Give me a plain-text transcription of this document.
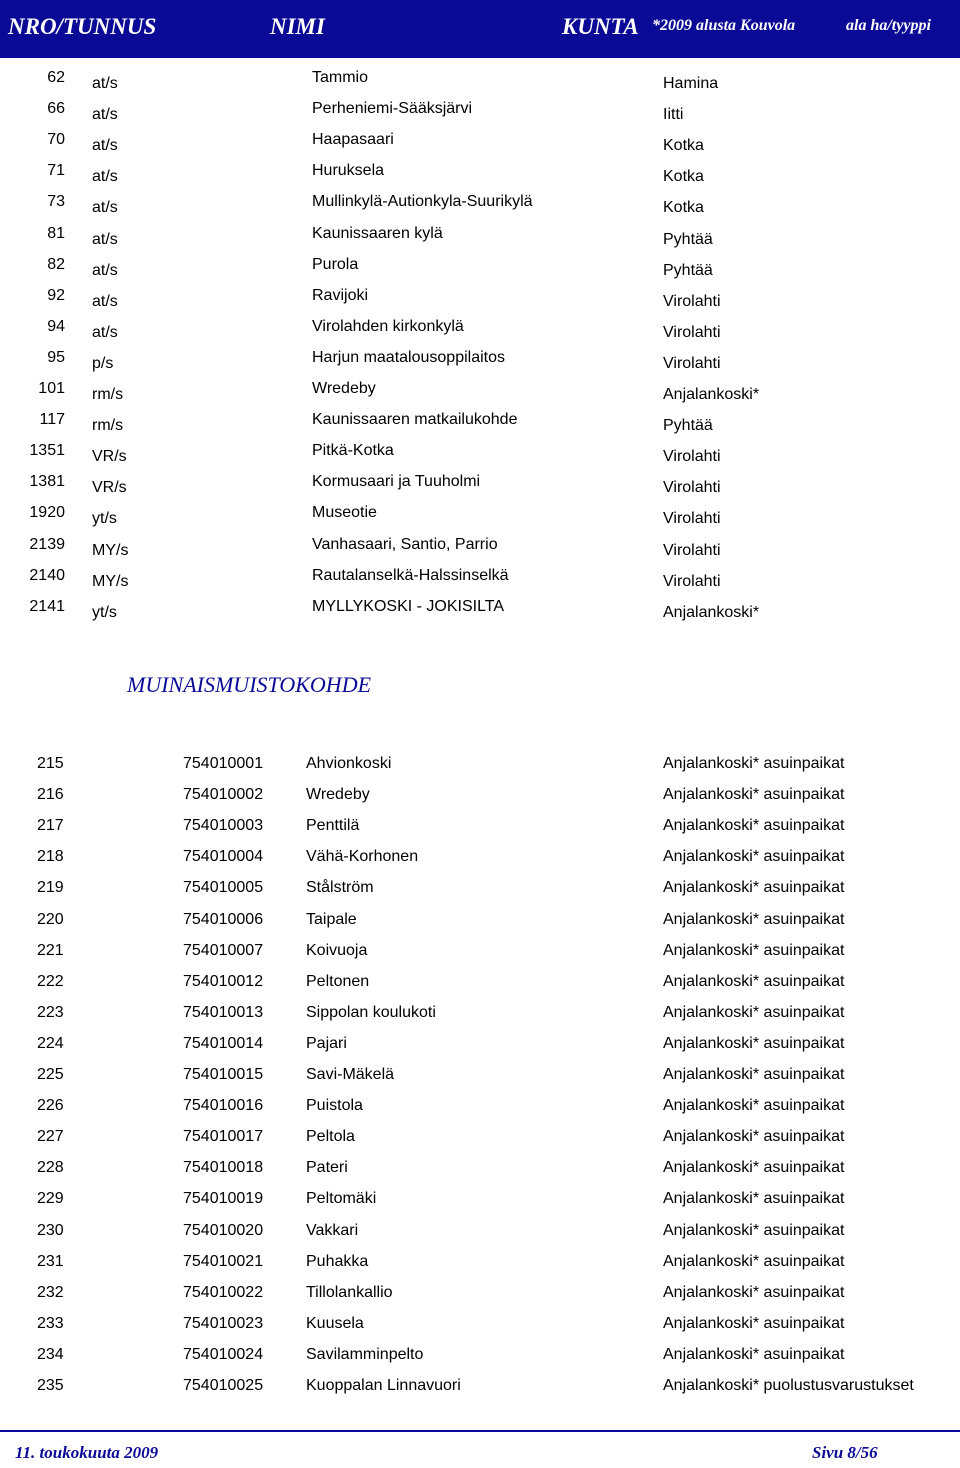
NRO/TUNNUS	NIMI	KUNTA *2009 alusta Kouvola	ala ha/tyyppi
62 at/s	Tammio	Hamina
66 at/s	Perheniemi-Sääksjärvi	Iitti
70 at/s	Haapasaari	Kotka
71 at/s	Huruksela	Kotka
73 at/s	Mullinkylä-Autionkyla-Suurikylä	Kotka
81 at/s	Kaunissaaren kylä	Pyhtää
82 at/s	Purola	Pyhtää
92 at/s	Ravijoki	Virolahti
94 at/s	Virolahden kirkonkylä	Virolahti
95 p/s	Harjun maatalousoppilaitos	Virolahti
101 rm/s	Wredeby	Anjalankoski*
117 rm/s	Kaunissaaren matkailukohde	Pyhtää
1351 VR/s	Pitkä-Kotka	Virolahti
1381 VR/s	Kormusaari ja Tuuholmi	Virolahti
1920 yt/s	Museotie	Virolahti
2139 MY/s	Vanhasaari, Santio, Parrio	Virolahti
2140 MY/s	Rautalanselkä-Halssinselkä	Virolahti
2141 yt/s	MYLLYKOSKI - JOKISILTA	Anjalankoski*
MUINAISMUISTOKOHDE
215	754010001	Ahvionkoski	Anjalankoski* asuinpaikat
216	754010002	Wredeby	Anjalankoski* asuinpaikat
217	754010003	Penttilä	Anjalankoski* asuinpaikat
218	754010004	Vähä-Korhonen	Anjalankoski* asuinpaikat
219	754010005	Stålström	Anjalankoski* asuinpaikat
220	754010006	Taipale	Anjalankoski* asuinpaikat
221	754010007	Koivuoja	Anjalankoski* asuinpaikat
222	754010012	Peltonen	Anjalankoski* asuinpaikat
223	754010013	Sippolan koulukoti	Anjalankoski* asuinpaikat
224	754010014	Pajari	Anjalankoski* asuinpaikat
225	754010015	Savi-Mäkelä	Anjalankoski* asuinpaikat
226	754010016	Puistola	Anjalankoski* asuinpaikat
227	754010017	Peltola	Anjalankoski* asuinpaikat
228	754010018	Pateri	Anjalankoski* asuinpaikat
229	754010019	Peltomäki	Anjalankoski* asuinpaikat
230	754010020	Vakkari	Anjalankoski* asuinpaikat
231	754010021	Puhakka	Anjalankoski* asuinpaikat
232	754010022	Tillolankallio	Anjalankoski* asuinpaikat
233	754010023	Kuusela	Anjalankoski* asuinpaikat
234	754010024	Savilamminpelto	Anjalankoski* asuinpaikat
235	754010025	Kuoppalan Linnavuori	Anjalankoski* puolustusvarustukset
11. toukokuuta 2009	Sivu 8/56
